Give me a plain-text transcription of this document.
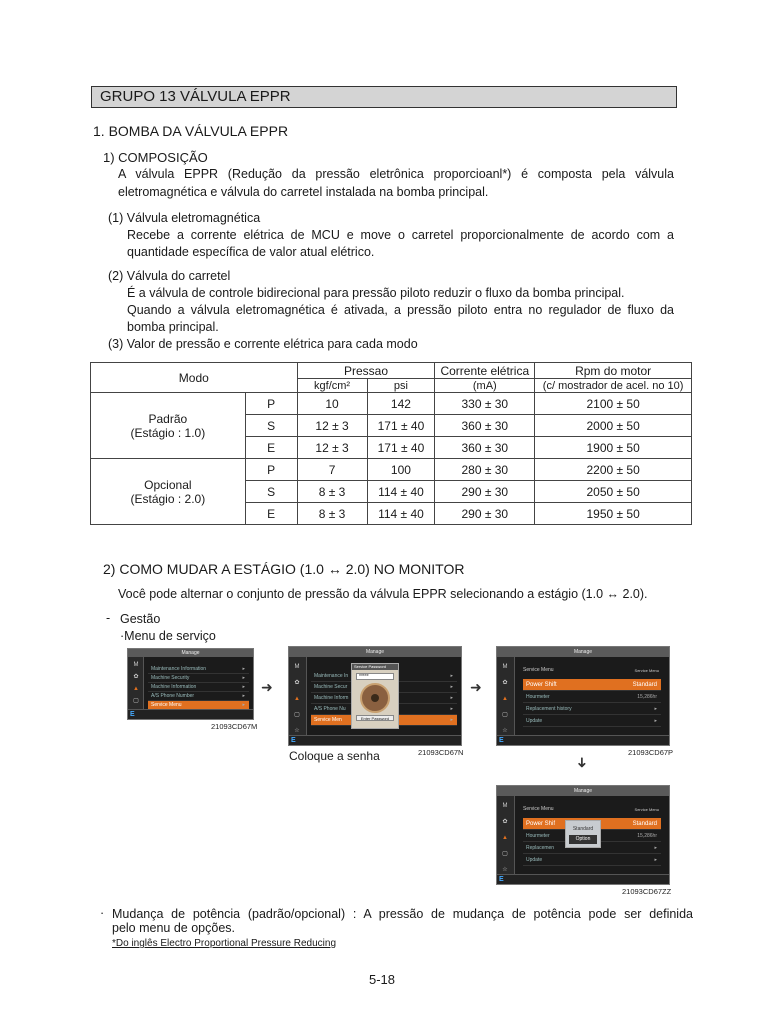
GRUPO 13 VÁLVULA EPPR
1. BOMBA DA VÁLVULA EPPR
1) COMPOSIÇÃO
A válvula EPPR (Redução da pressão eletrônica proporcioanl*) é composta pela válvula
eletromagnética e válvula do carretel instalada na bomba principal.
(1) Válvula eletromagnética
Recebe a corrente elétrica de MCU e move o carretel proporcionalmente de acordo com a
quantidade específica de valor atual elétrico.
(2) Válvula do carretel
É a válvula de controle bidirecional para pressão piloto reduzir o fluxo da bomba principal.
Quando a válvula eletromagnética é ativada, a pressão piloto entra no regulador de fluxo da
bomba principal.
(3) Valor de pressão e corrente elétrica para cada modo
Modo		Pressao		Corrente elétrica	Rpm do motor
		kgf/cm²	psi	(mA)	(c/ mostrador de acel. no 10)

Padrão
(Estágio : 1.0)	P	10	142	330 ± 30	2100 ± 50
	S	12 ± 3	171 ± 40	360 ± 30	2000 ± 50
	E	12 ± 3	171 ± 40	360 ± 30	1900 ± 50

Opcional
(Estágio : 2.0)	P	7	100	280 ± 30	2200 ± 50
	S	8 ± 3	114 ± 40	290 ± 30	2050 ± 50
	E	8 ± 3	114 ± 40	290 ± 30	1950 ± 50
2) COMO MUDAR A ESTÁGIO (1.0 ↔ 2.0) NO MONITOR
Você pode alternar o conjunto de pressão da válvula EPPR selecionando a estágio (1.0 ↔ 2.0).
- Gestão
·Menu de serviço
Manage
M
✿
▲
▢
Maintenance Information	▸
Machine Security	▸
Machine Information	▸
A/S Phone Number	▸
Service Menu	▸
E
21093CD67M
➜
Manage
M
✿
▲
▢
☆
Maintenance In	▸
Machine Secur	▸
Machine Inform	▸
A/S Phone Nu	▸
Service Men	▸
Service Password
*****
Enter Password
E
Coloque a senha	21093CD67N
➜
Manage
M
✿
▲
▢
☆
Service Menu	Service Menu
Power Shift	Standard
Hourmeter	15,286hr
Replacement history	▸
Update	▸
E
21093CD67P
➜
Manage
M
✿
▲
▢
☆
Service Menu	Service Menu
Power Shif	Standard
Hourmeter	15,286hr
Replacemen	▸
Update	▸
Standard
Option
E
21093CD67ZZ
· Mudança de potência (padrão/opcional) : A pressão de mudança de potência pode ser definida
pelo menu de opções.
*Do inglês Electro Proportional Pressure Reducing
5-18
